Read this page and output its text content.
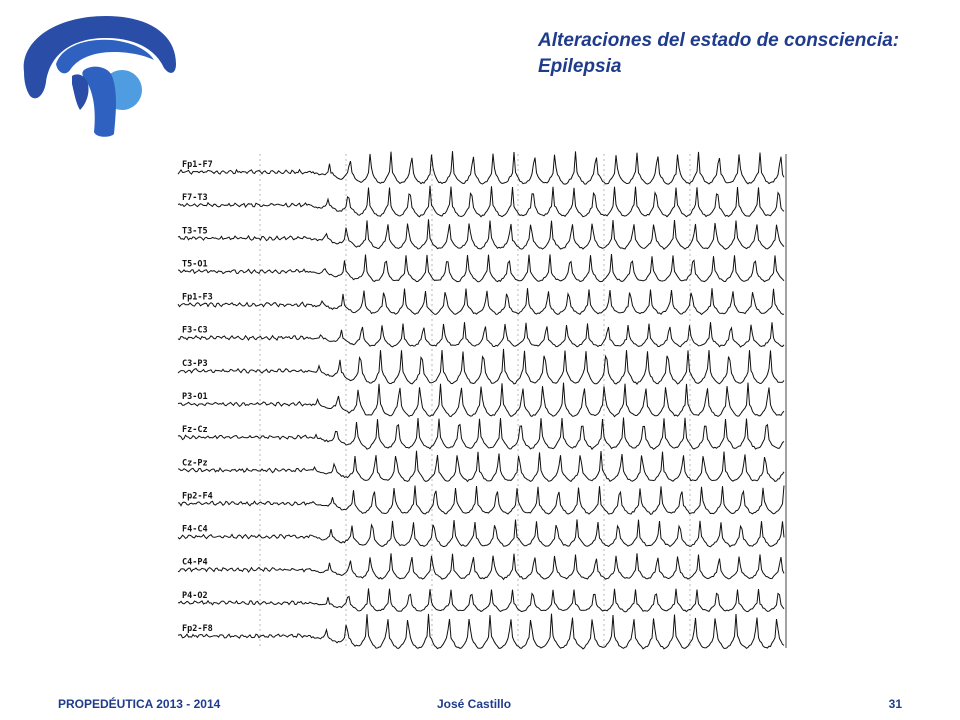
Alteraciones del estado de consciencia:
Epilepsia
Fp1-F7
F7-T3
T3-T5
T5-O1
Fp1-F3
F3-C3
C3-P3
P3-O1
Fz-Cz
Cz-Pz
Fp2-F4
F4-C4
C4-P4
P4-O2
Fp2-F8
PROPEDÉUTICA 2013 - 2014	José Castillo	31
